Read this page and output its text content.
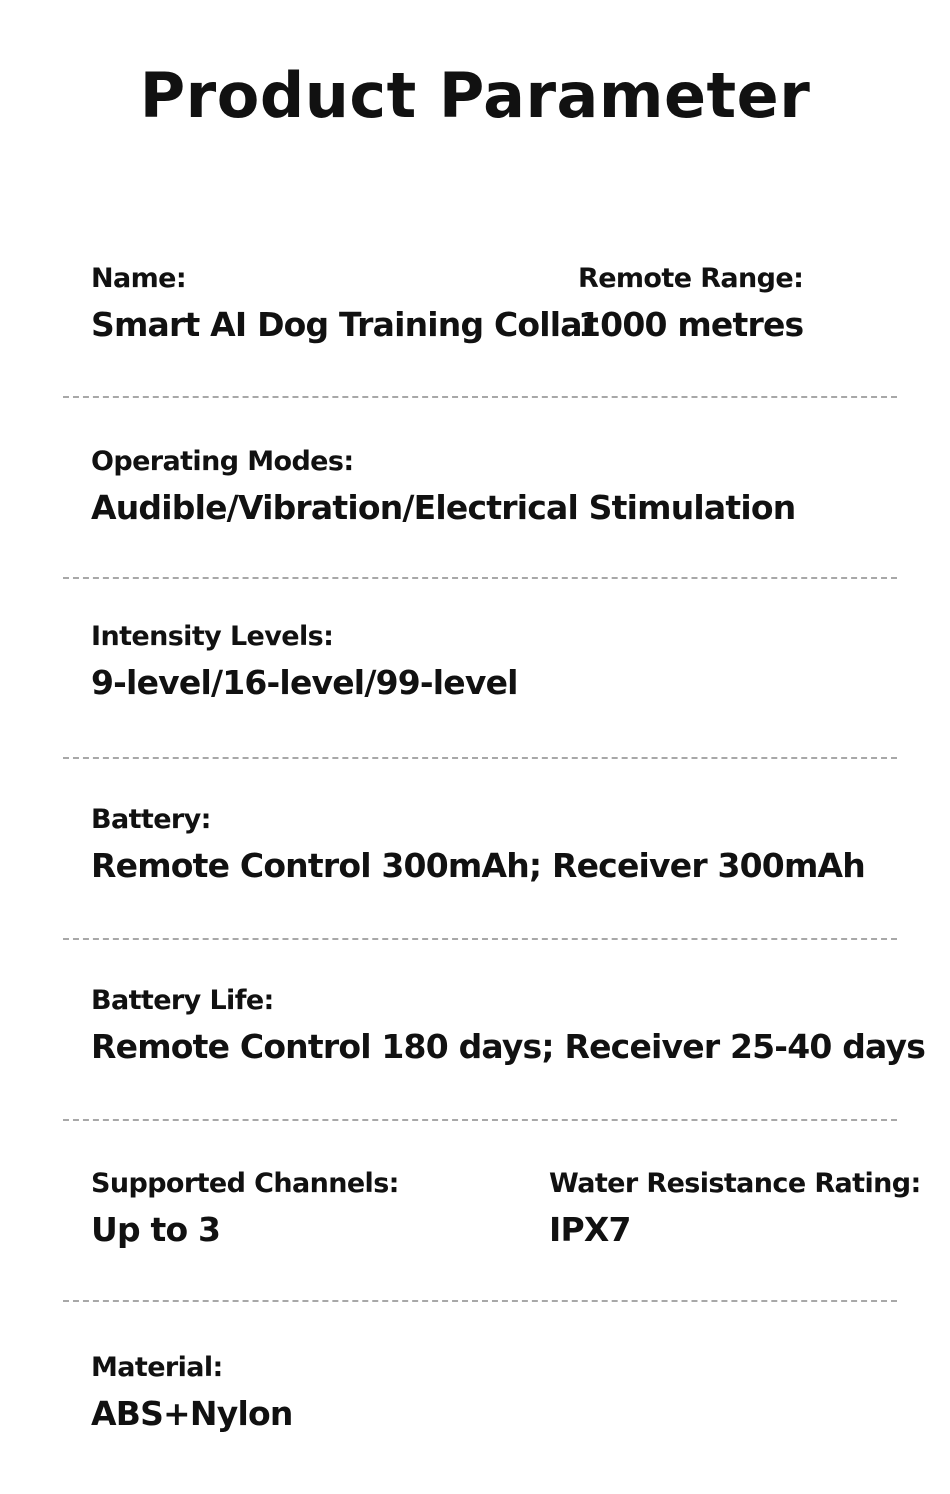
Product Parameter
Name:
Smart AI Dog Training Collar
Remote Range:
1000 metres
Operating Modes:
Audible/Vibration/Electrical Stimulation
Intensity Levels:
9-level/16-level/99-level
Battery:
Remote Control 300mAh; Receiver 300mAh
Battery Life:
Remote Control 180 days; Receiver 25-40 days
Supported Channels:
Up to 3
Water Resistance Rating:
IPX7
Material:
ABS+Nylon
